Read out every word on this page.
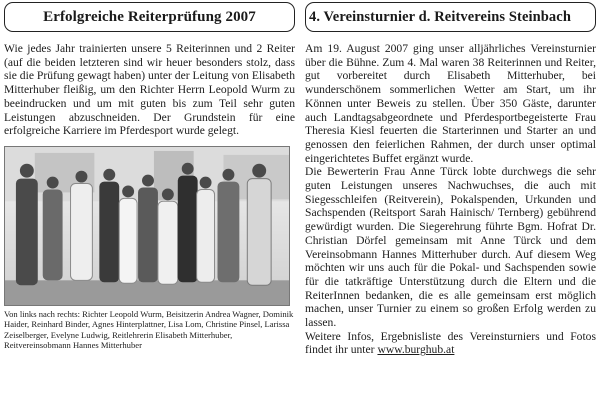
Erfolgreiche Reiterprüfung 2007

Wie jedes Jahr trainierten unsere 5 Reiterinnen und 2 Reiter (auf die beiden letzteren sind wir heuer besonders stolz, dass sie die Prüfung gewagt haben) unter der Leitung von Elisabeth Mitterhuber fleißig, um den Richter Herrn Leopold Wurm zu beeindrucken und um mit guten bis zum Teil sehr guten Leistungen abzuschneiden. Der Grundstein für eine erfolgreiche Karriere im Pferdesport wurde gelegt.

Von links nach rechts: Richter Leopold Wurm, Beisitzerin Andrea Wagner, Dominik Haider, Reinhard Binder, Agnes Hinterplattner, Lisa Lom, Christine Pinsel, Larissa Zeiselberger, Evelyne Ludwig, Reitlehrerin Elisabeth Mitterhuber, Reitvereinsobmann Hannes Mitterhuber

4. Vereinsturnier d. Reitvereins Steinbach

Am 19. August 2007 ging unser alljährliches Vereinsturnier über die Bühne. Zum 4. Mal waren 38 Reiterinnen und Reiter, gut vorbereitet durch Elisabeth Mitterhuber, bei wunderschönem sommerlichen Wetter am Start, um ihr Können unter Beweis zu stellen. Über 350 Gäste, darunter auch Landtagsabgeordnete und Pferdesportbegeisterte Frau Theresia Kiesl feuerten die Starterinnen und Starter an und genossen den feierlichen Rahmen, der durch unser optimal eingerichtetes Buffet ergänzt wurde.

Die Bewerterin Frau Anne Türck lobte durchwegs die sehr guten Leistungen unseres Nachwuchses, die auch mit Siegesschleifen (Reitverein), Pokalspenden, Urkunden und Sachspenden (Reitsport Sarah Hainisch/ Ternberg) gebührend gewürdigt wurden. Die Siegerehrung führte Bgm. Hofrat Dr. Christian Dörfel gemeinsam mit Anne Türck und dem Vereinsobmann Hannes Mitterhuber durch. Auf diesem Weg möchten wir uns auch für die Pokal- und Sachspenden sowie für die tatkräftige Unterstützung durch die Eltern und die ReiterInnen bedanken, die es alle gemeinsam erst möglich machen, unser Turnier zu einem so großen Erfolg werden zu lassen.

Weitere Infos, Ergebnisliste des Vereinsturniers und Fotos findet ihr unter www.burghub.at
